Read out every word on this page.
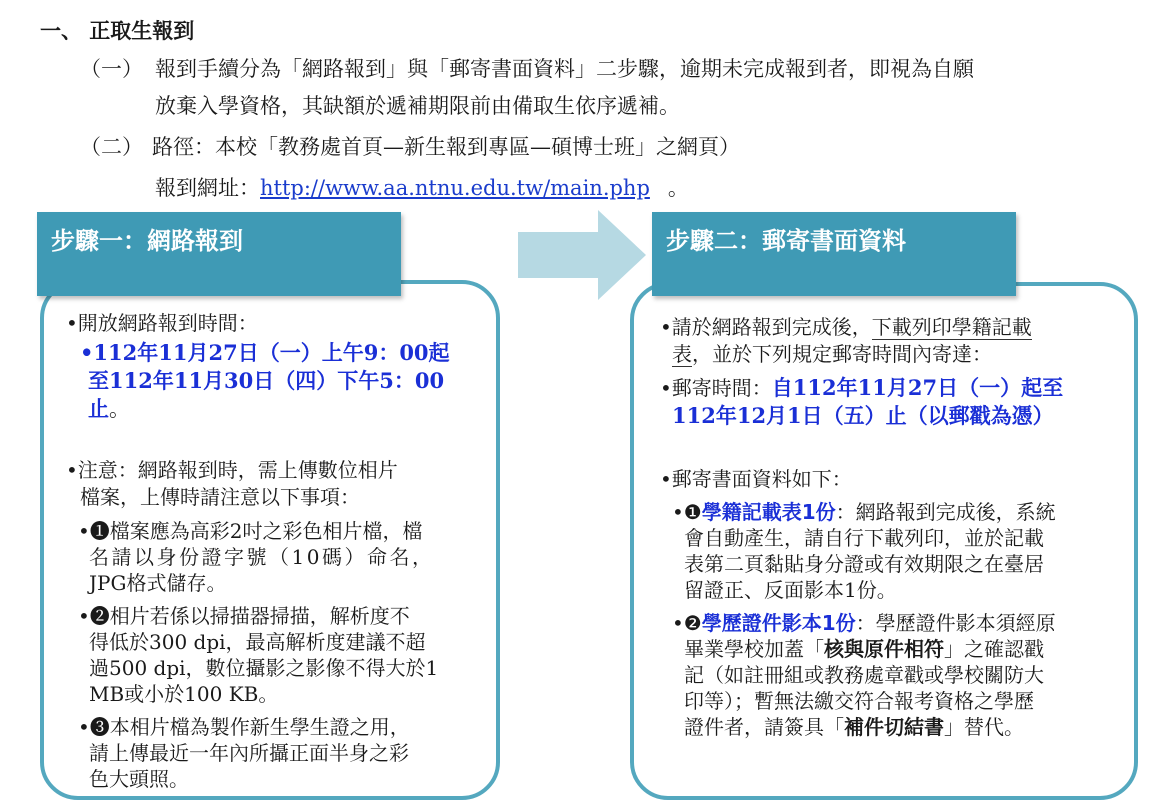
一、 正取生報到
（一） 報到手續分為「網路報到」與「郵寄書面資料」二步驟，逾期未完成報到者，即視為自願
放棄入學資格，其缺額於遞補期限前由備取生依序遞補。
（二） 路徑：本校「教務處首頁—新生報到專區—碩博士班」之網頁）
報到網址：http://www.aa.ntnu.edu.tw/main.php 。
步驟一：網路報到
•開放網路報到時間：
•112年11月27日（一）上午9：00起
至112年11月30日（四）下午5：00
止。
•注意：網路報到時，需上傳數位相片
檔案，上傳時請注意以下事項：
•❶檔案應為高彩2吋之彩色相片檔，檔
名請以身份證字號（10碼）命名，
JPG格式儲存。
•❷相片若係以掃描器掃描，解析度不
得低於300 dpi，最高解析度建議不超
過500 dpi，數位攝影之影像不得大於1
MB或小於100 KB。
•❸本相片檔為製作新生學生證之用，
請上傳最近一年內所攝正面半身之彩
色大頭照。
步驟二：郵寄書面資料
•請於網路報到完成後，下載列印學籍記載
表，並於下列規定郵寄時間內寄達：
•郵寄時間：自112年11月27日（一）起至
112年12月1日（五）止（以郵戳為憑）
•郵寄書面資料如下：
•❶學籍記載表1份：網路報到完成後，系統
會自動產生，請自行下載列印，並於記載
表第二頁黏貼身分證或有效期限之在臺居
留證正、反面影本1份。
•❷學歷證件影本1份：學歷證件影本須經原
畢業學校加蓋「核與原件相符」之確認戳
記（如註冊組或教務處章戳或學校關防大
印等）；暫無法繳交符合報考資格之學歷
證件者，請簽具「補件切結書」替代。
